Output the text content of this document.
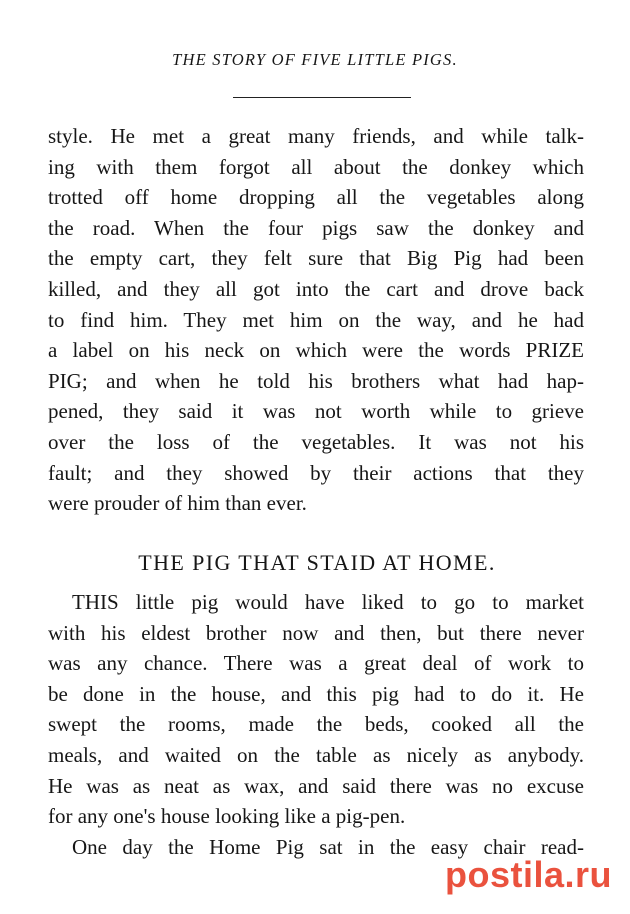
THE STORY OF FIVE LITTLE PIGS.

style. He met a great many friends, and while talk-
ing with them forgot all about the donkey which
trotted off home dropping all the vegetables along
the road. When the four pigs saw the donkey and
the empty cart, they felt sure that Big Pig had been
killed, and they all got into the cart and drove back
to find him. They met him on the way, and he had
a label on his neck on which were the words PRIZE
PIG; and when he told his brothers what had hap-
pened, they said it was not worth while to grieve
over the loss of the vegetables. It was not his
fault; and they showed by their actions that they
were prouder of him than ever.
THE PIG THAT STAID AT HOME.
THIS little pig would have liked to go to market
with his eldest brother now and then, but there never
was any chance. There was a great deal of work to
be done in the house, and this pig had to do it. He
swept the rooms, made the beds, cooked all the
meals, and waited on the table as nicely as anybody.
He was as neat as wax, and said there was no excuse
for any one's house looking like a pig-pen.
One day the Home Pig sat in the easy chair read-

postila.ru
